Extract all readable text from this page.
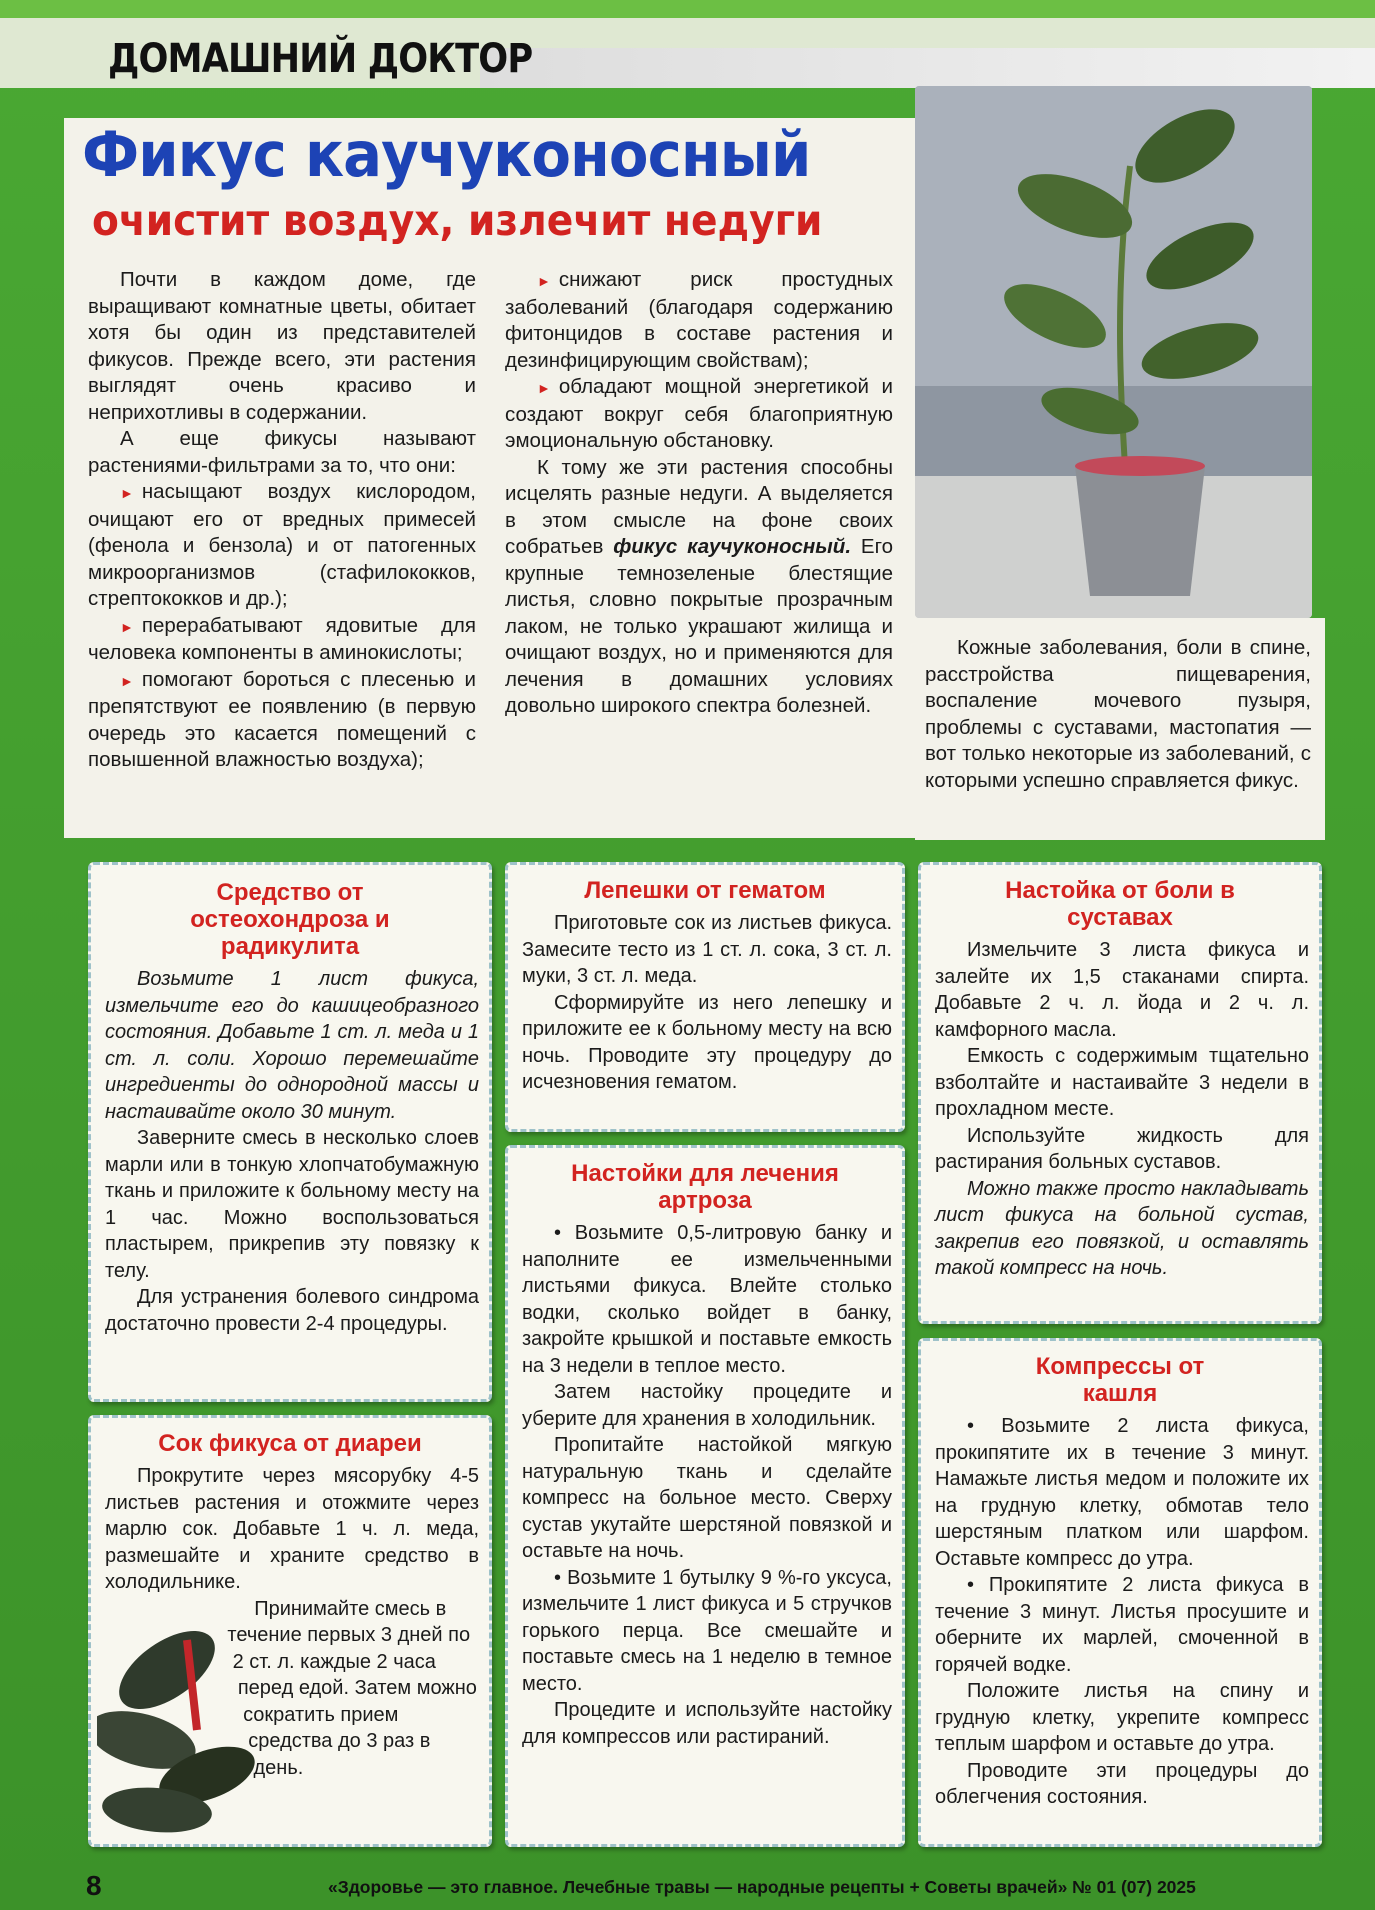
ДОМАШНИЙ ДОКТОР
Фикус каучуконосный
очистит воздух, излечит недуги

Почти в каждом доме, где выращивают комнатные цветы, обитает хотя бы один из представителей фикусов. Прежде всего, эти растения выглядят очень красиво и неприхотливы в содержании.

А еще фикусы называют растениями-фильтрами за то, что они:

► насыщают воздух кислородом, очищают его от вредных примесей (фенола и бензола) и от патогенных микроорганизмов (стафилококков, стрептококков и др.);

► перерабатывают ядовитые для человека компоненты в аминокислоты;

► помогают бороться с плесенью и препятствуют ее появлению (в первую очередь это касается помещений с повышенной влажностью воздуха);

► снижают риск простудных заболеваний (благодаря содержанию фитонцидов в составе растения и дезинфицирующим свойствам);

► обладают мощной энергетикой и создают вокруг себя благоприятную эмоциональную обстановку.

К тому же эти растения способны исцелять разные недуги. А выделяется в этом смысле на фоне своих собратьев фикус каучуконосный. Его крупные темнозеленые блестящие листья, словно покрытые прозрачным лаком, не только украшают жилища и очищают воздух, но и применяются для лечения в домашних условиях довольно широкого спектра болезней.

Кожные заболевания, боли в спине, расстройства пищеварения, воспаление мочевого пузыря, проблемы с суставами, мастопатия — вот только некоторые из заболеваний, с которыми успешно справляется фикус.

Средство от остеохондроза и радикулита

Возьмите 1 лист фикуса, измельчите его до кашицеобразного состояния. Добавьте 1 ст. л. меда и 1 ст. л. соли. Хорошо перемешайте ингредиенты до однородной массы и настаивайте около 30 минут.

Заверните смесь в несколько слоев марли или в тонкую хлопчатобумажную ткань и приложите к больному месту на 1 час. Можно воспользоваться пластырем, прикрепив эту повязку к телу.

Для устранения болевого синдрома достаточно провести 2-4 процедуры.

Сок фикуса от диареи

Прокрутите через мясорубку 4-5 листьев растения и отожмите через марлю сок. Добавьте 1 ч. л. меда, размешайте и храните средство в холодильнике.

Принимайте смесь в течение первых 3 дней по 2 ст. л. каждые 2 часа перед едой. Затем можно сократить прием средства до 3 раз в день.

Лепешки от гематом

Приготовьте сок из листьев фикуса. Замесите тесто из 1 ст. л. сока, 3 ст. л. муки, 3 ст. л. меда.

Сформируйте из него лепешку и приложите ее к больному месту на всю ночь. Проводите эту процедуру до исчезновения гематом.

Настойки для лечения артроза

• Возьмите 0,5-литровую банку и наполните ее измельченными листьями фикуса. Влейте столько водки, сколько войдет в банку, закройте крышкой и поставьте емкость на 3 недели в теплое место.

Затем настойку процедите и уберите для хранения в холодильник.

Пропитайте настойкой мягкую натуральную ткань и сделайте компресс на больное место. Сверху сустав укутайте шерстяной повязкой и оставьте на ночь.

• Возьмите 1 бутылку 9 %-го уксуса, измельчите 1 лист фикуса и 5 стручков горького перца. Все смешайте и поставьте смесь на 1 неделю в темное место.

Процедите и используйте настойку для компрессов или растираний.

Настойка от боли в суставах

Измельчите 3 листа фикуса и залейте их 1,5 стаканами спирта. Добавьте 2 ч. л. йода и 2 ч. л. камфорного масла.

Емкость с содержимым тщательно взболтайте и настаивайте 3 недели в прохладном месте.

Используйте жидкость для растирания больных суставов.

Можно также просто накладывать лист фикуса на больной сустав, закрепив его повязкой, и оставлять такой компресс на ночь.

Компрессы от кашля

• Возьмите 2 листа фикуса, прокипятите их в течение 3 минут. Намажьте листья медом и положите их на грудную клетку, обмотав тело шерстяным платком или шарфом. Оставьте компресс до утра.

• Прокипятите 2 листа фикуса в течение 3 минут. Листья просушите и оберните их марлей, смоченной в горячей водке.

Положите листья на спину и грудную клетку, укрепите компресс теплым шарфом и оставьте до утра.

Проводите эти процедуры до облегчения состояния.

8	«Здоровье — это главное. Лечебные травы — народные рецепты + Советы врачей» № 01 (07) 2025
